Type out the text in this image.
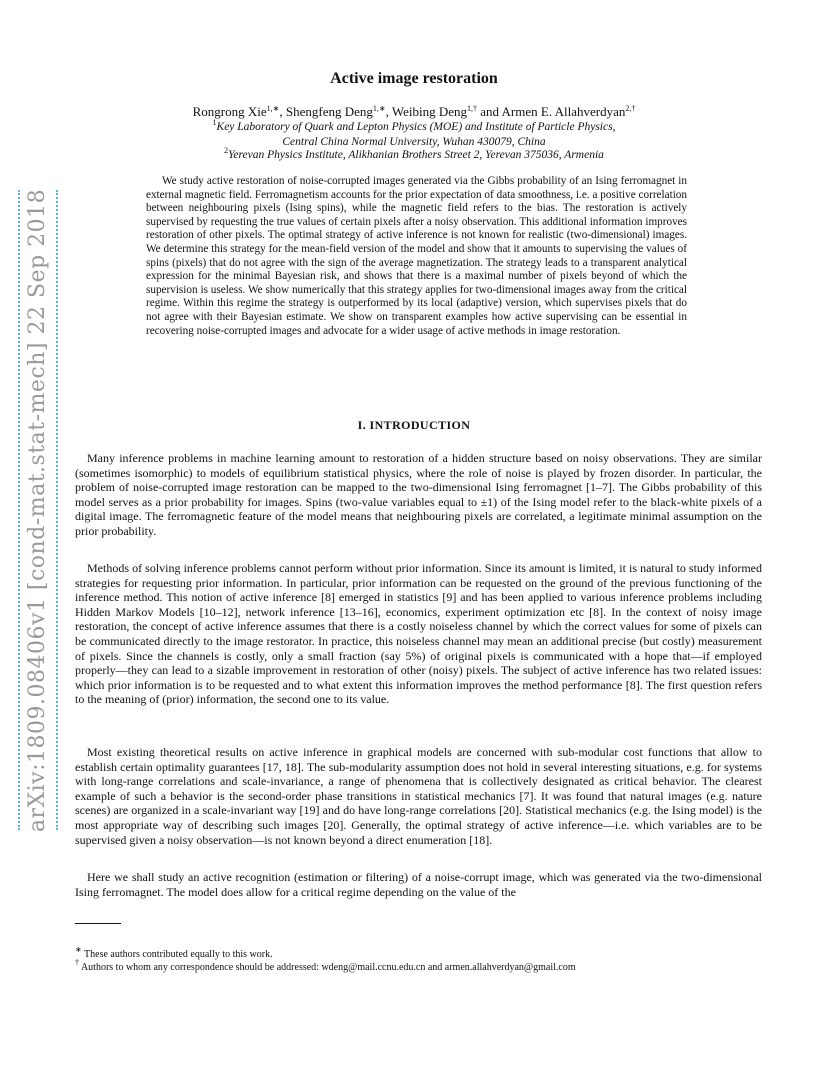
arXiv:1809.08406v1 [cond-mat.stat-mech] 22 Sep 2018
Active image restoration
Rongrong Xie$^{1,∗}$, Shengfeng Deng$^{1,∗}$, Weibing Deng$^{1,\dagger}$ and Armen E. Allahverdyan$^{2,\dagger}$
$^1$Key Laboratory of Quark and Lepton Physics (MOE) and Institute of Particle Physics,
Central China Normal University, Wuhan 430079, China
$^2$Yerevan Physics Institute, Alikhanian Brothers Street 2, Yerevan 375036, Armenia

We study active restoration of noise-corrupted images generated via the Gibbs probability of an Ising ferromagnet in external magnetic field. Ferromagnetism accounts for the prior expectation of data smoothness, i.e. a positive correlation between neighbouring pixels (Ising spins), while the magnetic field refers to the bias. The restoration is actively supervised by requesting the true values of certain pixels after a noisy observation. This additional information improves restoration of other pixels. The optimal strategy of active inference is not known for realistic (two-dimensional) images. We determine this strategy for the mean-field version of the model and show that it amounts to supervising the values of spins (pixels) that do not agree with the sign of the average magnetization. The strategy leads to a transparent analytical expression for the minimal Bayesian risk, and shows that there is a maximal number of pixels beyond of which the supervision is useless. We show numerically that this strategy applies for two-dimensional images away from the critical regime. Within this regime the strategy is outperformed by its local (adaptive) version, which supervises pixels that do not agree with their Bayesian estimate. We show on transparent examples how active supervising can be essential in recovering noise-corrupted images and advocate for a wider usage of active methods in image restoration.

I. INTRODUCTION

Many inference problems in machine learning amount to restoration of a hidden structure based on noisy observations. They are similar (sometimes isomorphic) to models of equilibrium statistical physics, where the role of noise is played by frozen disorder. In particular, the problem of noise-corrupted image restoration can be mapped to the two-dimensional Ising ferromagnet [1–7]. The Gibbs probability of this model serves as a prior probability for images. Spins (two-value variables equal to ±1) of the Ising model refer to the black-white pixels of a digital image. The ferromagnetic feature of the model means that neighbouring pixels are correlated, a legitimate minimal assumption on the prior probability.

Methods of solving inference problems cannot perform without prior information. Since its amount is limited, it is natural to study informed strategies for requesting prior information. In particular, prior information can be requested on the ground of the previous functioning of the inference method. This notion of active inference [8] emerged in statistics [9] and has been applied to various inference problems including Hidden Markov Models [10–12], network inference [13–16], economics, experiment optimization etc [8]. In the context of noisy image restoration, the concept of active inference assumes that there is a costly noiseless channel by which the correct values for some of pixels can be communicated directly to the image restorator. In practice, this noiseless channel may mean an additional precise (but costly) measurement of pixels. Since the channels is costly, only a small fraction (say 5%) of original pixels is communicated with a hope that—if employed properly—they can lead to a sizable improvement in restoration of other (noisy) pixels. The subject of active inference has two related issues: which prior information is to be requested and to what extent this information improves the method performance [8]. The first question refers to the meaning of (prior) information, the second one to its value.

Most existing theoretical results on active inference in graphical models are concerned with sub-modular cost functions that allow to establish certain optimality guarantees [17, 18]. The sub-modularity assumption does not hold in several interesting situations, e.g. for systems with long-range correlations and scale-invariance, a range of phenomena that is collectively designated as critical behavior. The clearest example of such a behavior is the second-order phase transitions in statistical mechanics [7]. It was found that natural images (e.g. nature scenes) are organized in a scale-invariant way [19] and do have long-range correlations [20]. Statistical mechanics (e.g. the Ising model) is the most appropriate way of describing such images [20]. Generally, the optimal strategy of active inference—i.e. which variables are to be supervised given a noisy observation—is not known beyond a direct enumeration [18].

Here we shall study an active recognition (estimation or filtering) of a noise-corrupt image, which was generated via the two-dimensional Ising ferromagnet. The model does allow for a critical regime depending on the value of the

∗ These authors contributed equally to this work.
† Authors to whom any correspondence should be addressed: wdeng@mail.ccnu.edu.cn and armen.allahverdyan@gmail.com
